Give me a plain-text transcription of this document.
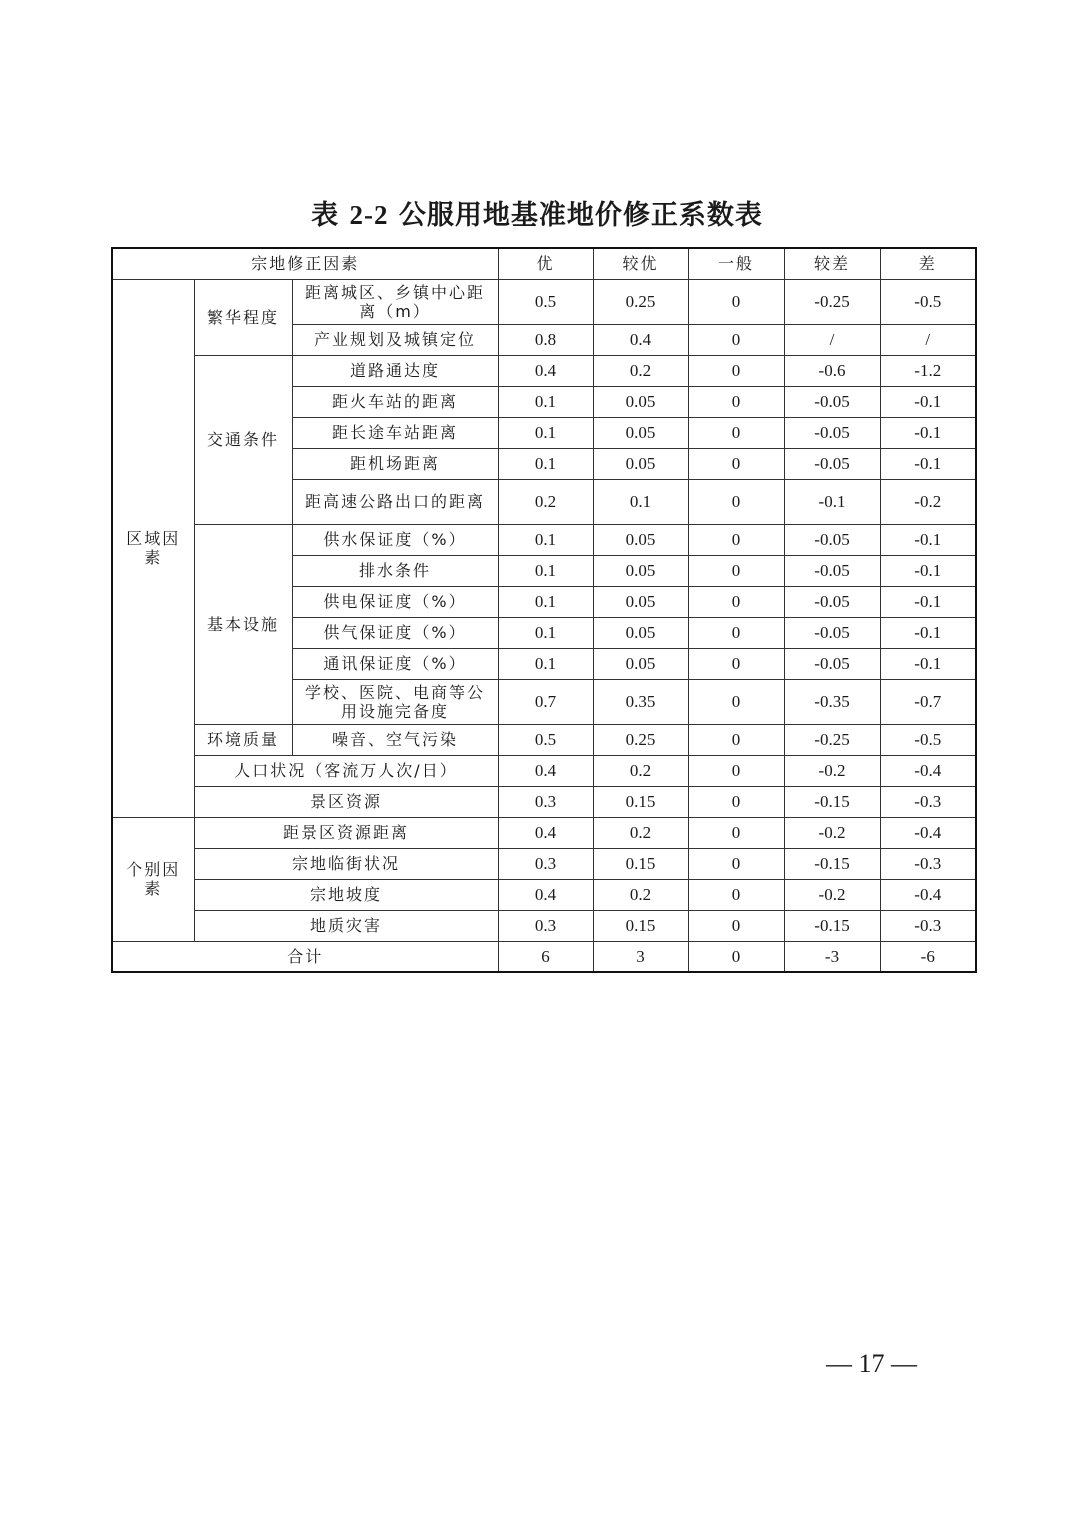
表 2-2 公服用地基准地价修正系数表
宗地修正因素			优	较优	一般	较差	差
区域因素	繁华程度	距离城区、乡镇中心距离（m）	0.5	0.25	0	-0.25	-0.5
		产业规划及城镇定位	0.8	0.4	0	/	/
	交通条件	道路通达度	0.4	0.2	0	-0.6	-1.2
		距火车站的距离	0.1	0.05	0	-0.05	-0.1
		距长途车站距离	0.1	0.05	0	-0.05	-0.1
		距机场距离	0.1	0.05	0	-0.05	-0.1
		距高速公路出口的距离	0.2	0.1	0	-0.1	-0.2
	基本设施	供水保证度（%）	0.1	0.05	0	-0.05	-0.1
		排水条件	0.1	0.05	0	-0.05	-0.1
		供电保证度（%）	0.1	0.05	0	-0.05	-0.1
		供气保证度（%）	0.1	0.05	0	-0.05	-0.1
		通讯保证度（%）	0.1	0.05	0	-0.05	-0.1
		学校、医院、电商等公用设施完备度	0.7	0.35	0	-0.35	-0.7
	环境质量	噪音、空气污染	0.5	0.25	0	-0.25	-0.5
	人口状况（客流万人次/日）		0.4	0.2	0	-0.2	-0.4
	景区资源		0.3	0.15	0	-0.15	-0.3
个别因素	距景区资源距离		0.4	0.2	0	-0.2	-0.4
	宗地临街状况		0.3	0.15	0	-0.15	-0.3
	宗地坡度		0.4	0.2	0	-0.2	-0.4
	地质灾害		0.3	0.15	0	-0.15	-0.3
合计			6	3	0	-3	-6
— 17 —
